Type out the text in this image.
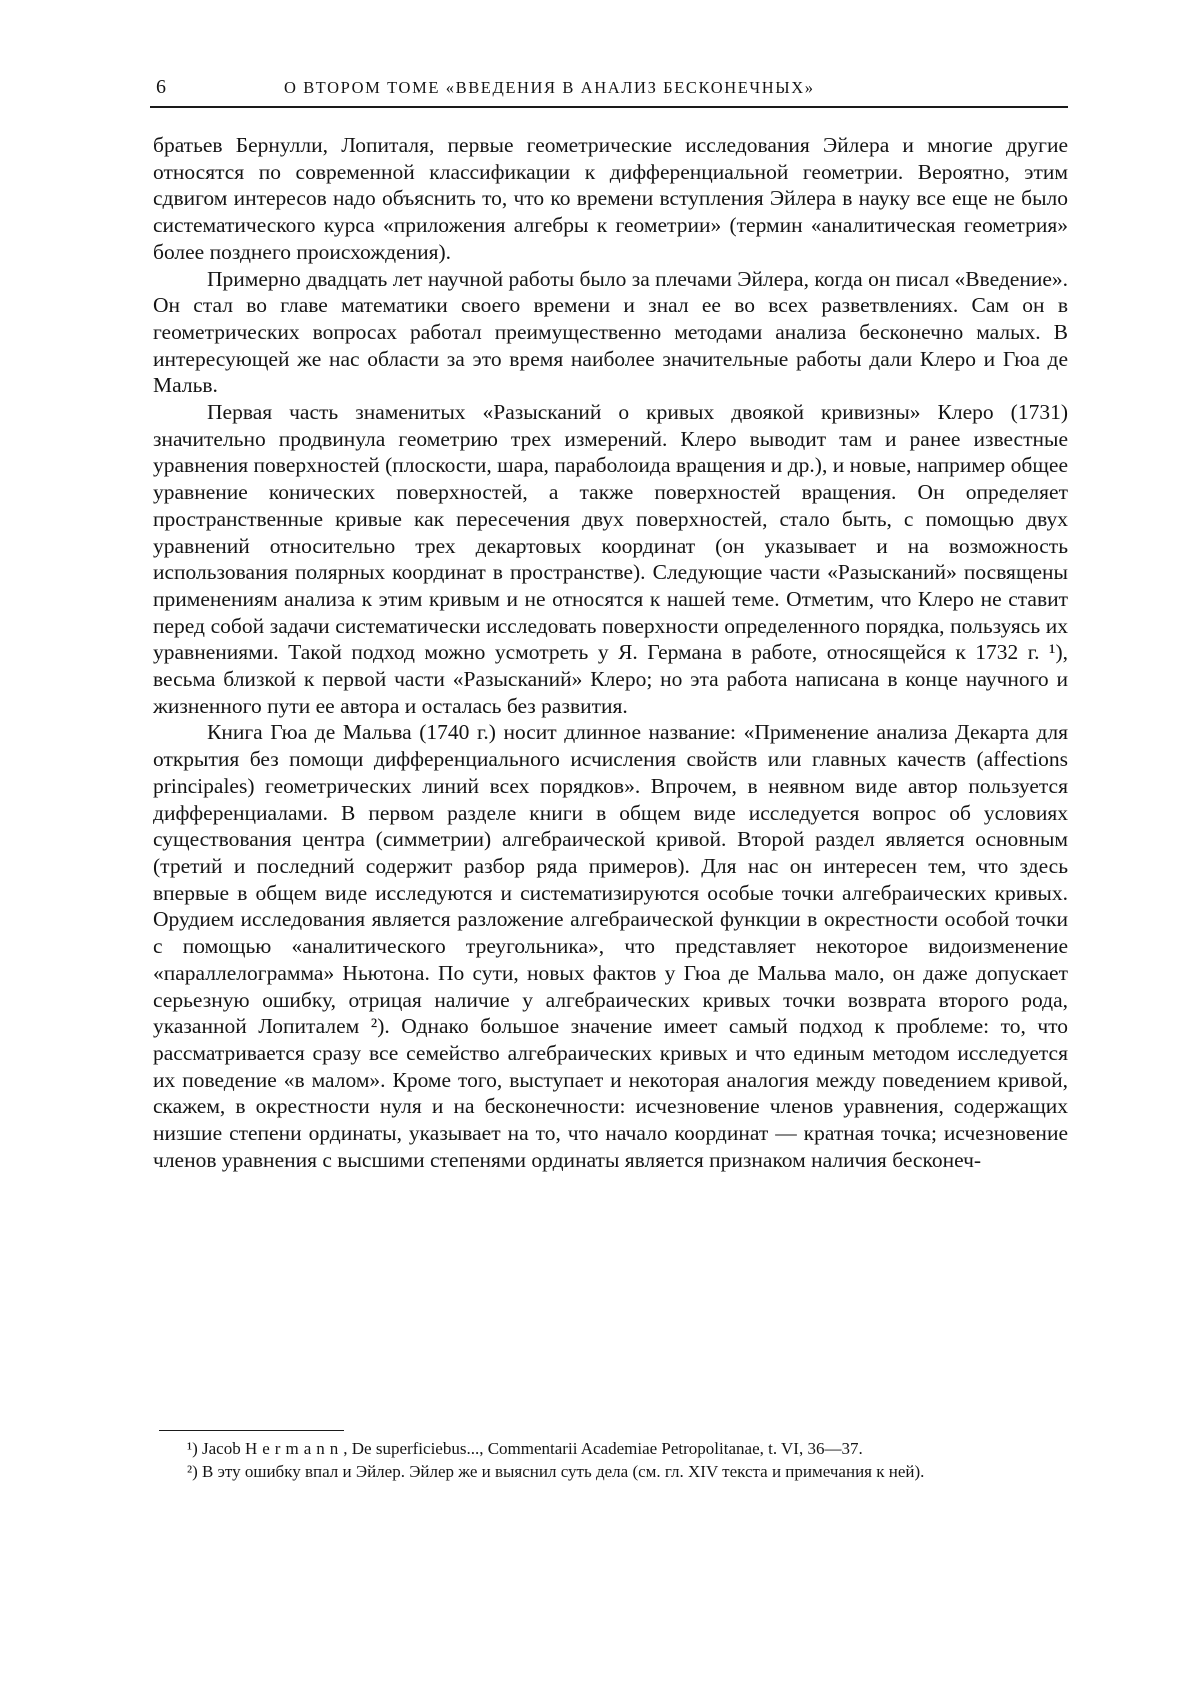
6	О ВТОРОМ ТОМЕ «ВВЕДЕНИЯ В АНАЛИЗ БЕСКОНЕЧНЫХ»

братьев Бернулли, Лопиталя, первые геометрические исследования Эйлера и многие другие относятся по современной классификации к дифференциальной геометрии. Вероятно, этим сдвигом интересов надо объяснить то, что ко времени вступления Эйлера в науку все еще не было систематического курса «приложения алгебры к геометрии» (термин «аналитическая геометрия» более позднего происхождения).

Примерно двадцать лет научной работы было за плечами Эйлера, когда он писал «Введение». Он стал во главе математики своего времени и знал ее во всех разветвлениях. Сам он в геометрических вопросах работал преимущественно методами анализа бесконечно малых. В интересующей же нас области за это время наиболее значительные работы дали Клеро и Гюа де Мальв.

Первая часть знаменитых «Разысканий о кривых двоякой кривизны» Клеро (1731) значительно продвинула геометрию трех измерений. Клеро выводит там и ранее известные уравнения поверхностей (плоскости, шара, параболоида вращения и др.), и новые, например общее уравнение конических поверхностей, а также поверхностей вращения. Он определяет пространственные кривые как пересечения двух поверхностей, стало быть, с помощью двух уравнений относительно трех декартовых координат (он указывает и на возможность использования полярных координат в пространстве). Следующие части «Разысканий» посвящены применениям анализа к этим кривым и не относятся к нашей теме. Отметим, что Клеро не ставит перед собой задачи систематически исследовать поверхности определенного порядка, пользуясь их уравнениями. Такой подход можно усмотреть у Я. Германа в работе, относящейся к 1732 г. ¹), весьма близкой к первой части «Разысканий» Клеро; но эта работа написана в конце научного и жизненного пути ее автора и осталась без развития.

Книга Гюа де Мальва (1740 г.) носит длинное название: «Применение анализа Декарта для открытия без помощи дифференциального исчисления свойств или главных качеств (affections principales) геометрических линий всех порядков». Впрочем, в неявном виде автор пользуется дифференциалами. В первом разделе книги в общем виде исследуется вопрос об условиях существования центра (симметрии) алгебраической кривой. Второй раздел является основным (третий и последний содержит разбор ряда примеров). Для нас он интересен тем, что здесь впервые в общем виде исследуются и систематизируются особые точки алгебраических кривых. Орудием исследования является разложение алгебраической функции в окрестности особой точки с помощью «аналитического треугольника», что представляет некоторое видоизменение «параллелограмма» Ньютона. По сути, новых фактов у Гюа де Мальва мало, он даже допускает серьезную ошибку, отрицая наличие у алгебраических кривых точки возврата второго рода, указанной Лопиталем ²). Однако большое значение имеет самый подход к проблеме: то, что рассматривается сразу все семейство алгебраических кривых и что единым методом исследуется их поведение «в малом». Кроме того, выступает и некоторая аналогия между поведением кривой, скажем, в окрестности нуля и на бесконечности: исчезновение членов уравнения, содержащих низшие степени ординаты, указывает на то, что начало координат — кратная точка; исчезновение членов уравнения с высшими степенями ординаты является признаком наличия бесконеч-

¹) Jacob Hermann, De superficiebus..., Commentarii Academiae Petropolitanae, t. VI, 36—37.

²) В эту ошибку впал и Эйлер. Эйлер же и выяснил суть дела (см. гл. XIV текста и примечания к ней).
